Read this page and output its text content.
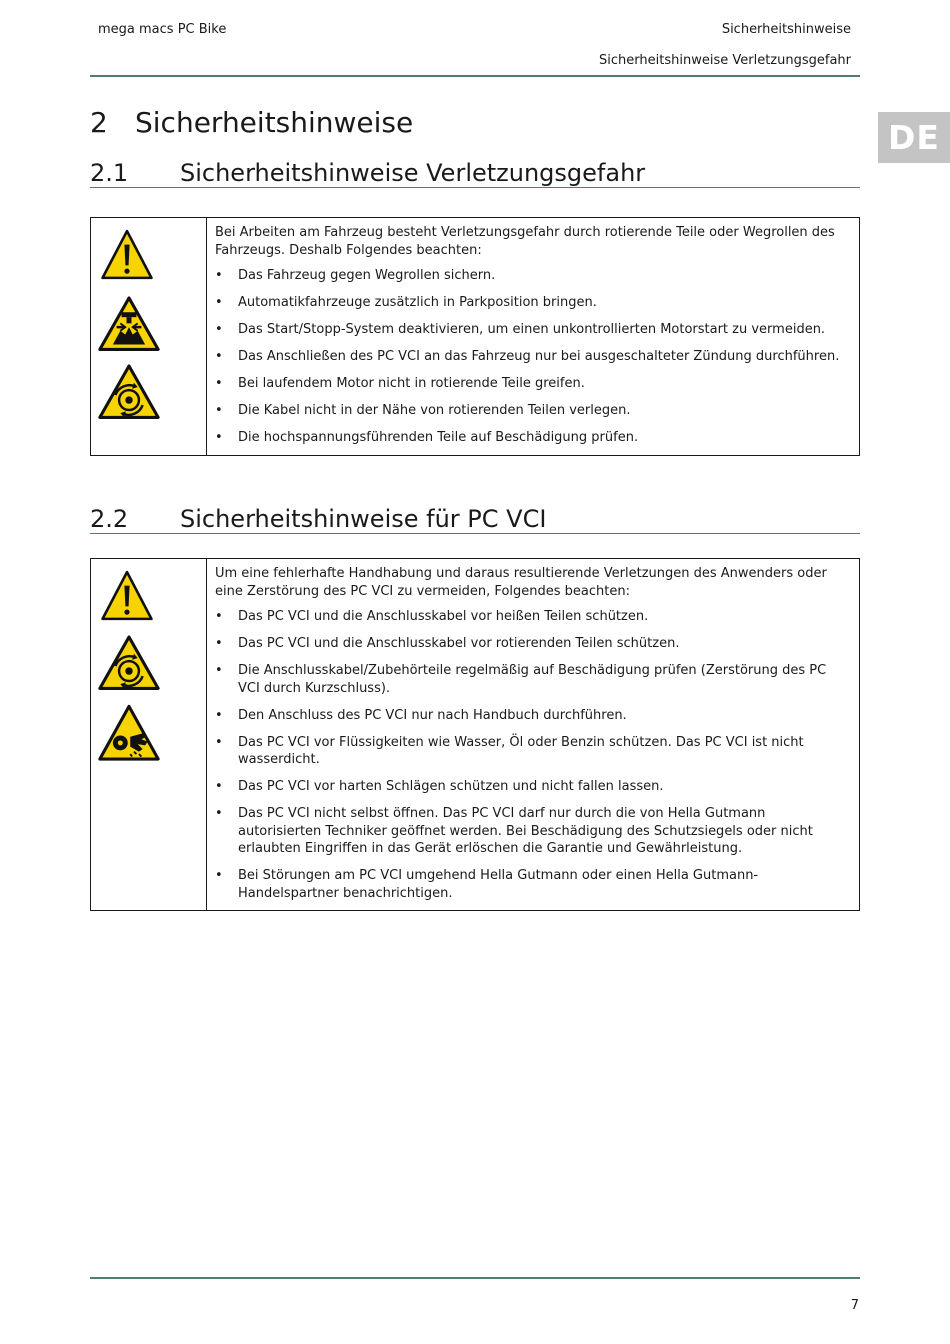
mega macs PC Bike	Sicherheitshinweise
Sicherheitshinweise Verletzungsgefahr
DE
2 Sicherheitshinweise
2.1 Sicherheitshinweise Verletzungsgefahr

Bei Arbeiten am Fahrzeug besteht Verletzungsgefahr durch rotierende Teile oder Wegrollen des Fahrzeugs. Deshalb Folgendes beachten:

• Das Fahrzeug gegen Wegrollen sichern.
• Automatikfahrzeuge zusätzlich in Parkposition bringen.
• Das Start/Stopp-System deaktivieren, um einen unkontrollierten Motorstart zu vermeiden.
• Das Anschließen des PC VCI an das Fahrzeug nur bei ausgeschalteter Zündung durchführen.
• Bei laufendem Motor nicht in rotierende Teile greifen.
• Die Kabel nicht in der Nähe von rotierenden Teilen verlegen.
• Die hochspannungsführenden Teile auf Beschädigung prüfen.
2.2 Sicherheitshinweise für PC VCI

Um eine fehlerhafte Handhabung und daraus resultierende Verletzungen des Anwenders oder eine Zerstörung des PC VCI zu vermeiden, Folgendes beachten:

• Das PC VCI und die Anschlusskabel vor heißen Teilen schützen.
• Das PC VCI und die Anschlusskabel vor rotierenden Teilen schützen.
• Die Anschlusskabel/Zubehörteile regelmäßig auf Beschädigung prüfen (Zerstörung des PC VCI durch Kurzschluss).
• Den Anschluss des PC VCI nur nach Handbuch durchführen.
• Das PC VCI vor Flüssigkeiten wie Wasser, Öl oder Benzin schützen. Das PC VCI ist nicht wasserdicht.
• Das PC VCI vor harten Schlägen schützen und nicht fallen lassen.
• Das PC VCI nicht selbst öffnen. Das PC VCI darf nur durch die von Hella Gutmann autorisierten Techniker geöffnet werden. Bei Beschädigung des Schutzsiegels oder nicht erlaubten Eingriffen in das Gerät erlöschen die Garantie und Gewährleistung.
• Bei Störungen am PC VCI umgehend Hella Gutmann oder einen Hella Gutmann-Handelspartner benachrichtigen.
7
